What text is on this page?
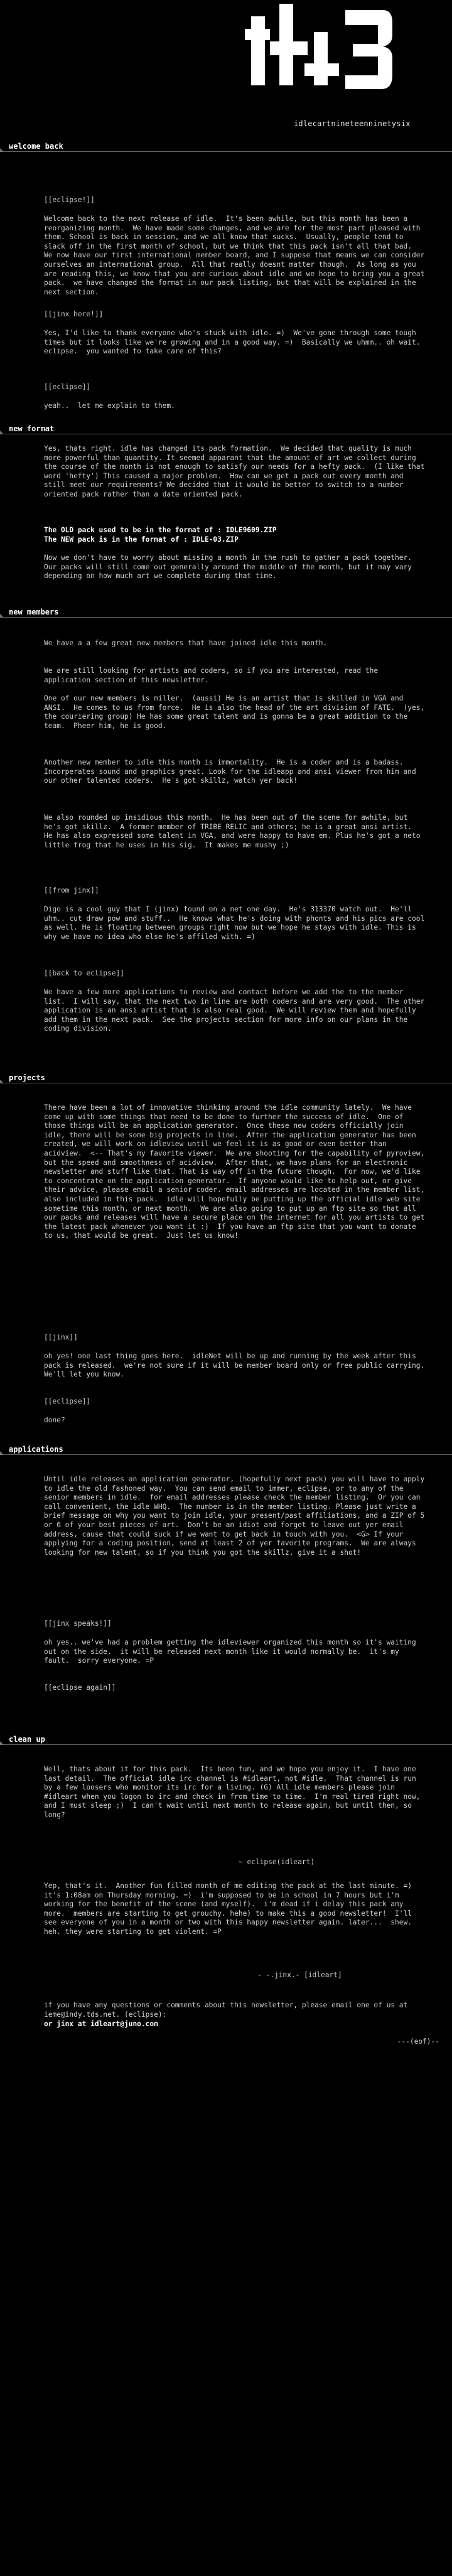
idlecartnineteenninetysix
welcome back
[[eclipse!]]
Welcome back to the next release of idle.  It's been awhile, but this month has been a reorganizing month.  We have made some changes, and we are for the most part pleased with them. School is back in session, and we all know that sucks.  Usually, people tend to slack off in the first month of school, but we think that this pack isn't all that bad.  We now have our first international member board, and I suppose that means we can consider ourselves an international group.  All that really doesnt matter though.  As long as you are reading this, we know that you are curious about idle and we hope to bring you a great pack.  we have changed the format in our pack listing, but that will be explained in the next section.
[[jinx here!]]
Yes, I'd like to thank everyone who's stuck with idle. =)  We've gone through some tough times but it looks like we're growing and in a good way. =)  Basically we uhmm.. oh wait.  eclipse.  you wanted to take care of this?
[[eclipse]]
yeah..  let me explain to them.
new format
Yes, thats right. idle has changed its pack formation.  We decided that quality is much more powerful than quantity. It seemed apparant that the amount of art we collect during the course of the month is not enough to satisfy our needs for a hefty pack.  (I like that word 'hefty') This caused a major problem.  How can we get a pack out every month and still meet our requirements? We decided that it would be better to switch to a number oriented pack rather than a date oriented pack.
The OLD pack used to be in the format of : IDLE9609.ZIP
The NEW pack is in the format of : IDLE-03.ZIP
Now we don't have to worry about missing a month in the rush to gather a pack together.  Our packs will still come out generally around the middle of the month, but it may vary depending on how much art we complete during that time.
new members
We have a a few great new members that have joined idle this month.
We are still looking for artists and coders, so if you are interested, read the application section of this newsletter.
One of our new members is miller.  (aussi) He is an artist that is skilled in VGA and ANSI.  He comes to us from force.  He is also the head of the art division of FATE.  (yes, the couriering group) He has some great talent and is gonna be a great addition to the team.  Pheer him, he is good.
Another new member to idle this month is immortality.  He is a coder and is a badass.  Incorperates sound and graphics great. Look for the idleapp and ansi viewer from him and our other talented coders.  He's got skillz, watch yer back!
We also rounded up insidious this month.  He has been out of the scene for awhile, but he's got skillz.  A former member of TRIBE RELIC and others; he is a great ansi artist.  He has also expressed some talent in VGA, and were happy to have em. Plus he's got a neto little frog that he uses in his sig.  It makes me mushy ;)
[[from jinx]]
Digo is a cool guy that I (jinx) found on a net one day.  He's 313370 watch out.  He'll uhm.. cut draw pow and stuff..  He knows what he's doing with phonts and his pics are cool as well. He is floating between groups right now but we hope he stays with idle. This is why we have no idea who else he's affiled with. =)
[[back to eclipse]]
We have a few more applications to review and contact before we add the to the member list.  I will say, that the next two in line are both coders and are very good.  The other application is an ansi artist that is also real good.  We will review them and hopefully add them in the next pack.  See the projects section for more info on our plans in the coding division.
projects
There have been a lot of innovative thinking around the idle community lately.  We have come up with some things that need to be done to further the success of idle.  One of those things will be an application generator.  Once these new coders officially join idle, there will be some big projects in line.  After the application generator has been created, we will work on idleview until we feel it is as good or even better than acidview.  <-- That's my favorite viewer.  We are shooting for the capability of pyroview, but the speed and smoothness of acidview.  After that, we have plans for an electronic newsletter and stuff like that. That is way off in the future though.  For now, we'd like to concentrate on the application generator.  If anyone would like to help out, or give their advice, please email a senior coder. email addresses are located in the member list, also included in this pack.  idle will hopefully be putting up the official idle web site sometime this month, or next month.  We are also going to put up an ftp site so that all our packs and releases will have a secure place on the internet for all you artists to get the latest pack whenever you want it :)  If you have an ftp site that you want to donate to us, that would be great.  Just let us know!
[[jinx]]
oh yes! one last thing goes here.  idleNet will be up and running by the week after this pack is released.  we're not sure if it will be member board only or free public carrying.  We'll let you know.
[[eclipse]]
done?
applications
Until idle releases an application generator, (hopefully next pack) you will have to apply to idle the old fashoned way.  You can send email to immer, eclipse, or to any of the senior members in idle.  for email addresses please check the member listing.  Or you can call convenient, the idle WHQ.  The number is in the member listing. Please just write a brief message on why you want to join idle, your present/past affiliations, and a ZIP of 5 or 6 of your best pieces of art.  Don't be an idiot and forget to leave out yer email address, cause that could suck if we want to get back in touch with you.  <G> If your applying for a coding position, send at least 2 of yer favorite programs.  We are always looking for new talent, so if you think you got the skillz, give it a shot!
[[jinx speaks!]]
oh yes.. we've had a problem getting the idleviewer organized this month so it's waiting out on the side.  it will be released next month like it would normally be.  it's my fault.  sorry everyone. =P
[[eclipse again]]
clean up
Well, thats about it for this pack.  Its been fun, and we hope you enjoy it.  I have one last detail.  The official idle irc channel is #idleart, not #idle.  That channel is run by a few loosers who monitor its irc for a living. (G) All idle members please join #idleart when you logon to irc and check in from time to time.  I'm real tired right now, and I must sleep ;)  I can't wait until next month to release again, but until then, so long?
~ eclipse(idleart)
Yep, that's it.  Another fun filled month of me editing the pack at the last minute. =)  it's 1:08am on Thursday morning. =)  i'm supposed to be in school in 7 hours but i'm working for the benefit of the scene (and myself).  i'm dead if i delay this pack any more.  members are starting to get grouchy. hehe) to make this a good newsletter!  I'll see everyone of you in a month or two with this happy newsletter again. later...  shew. heh. they were starting to get violent. =P
- -.jinx.- [idleart]
if you have any questions or comments about this newsletter, please email one of us at ieme@indy.tds.net. (eclipse):
or jinx at idleart@juno.com
---(eof)--
